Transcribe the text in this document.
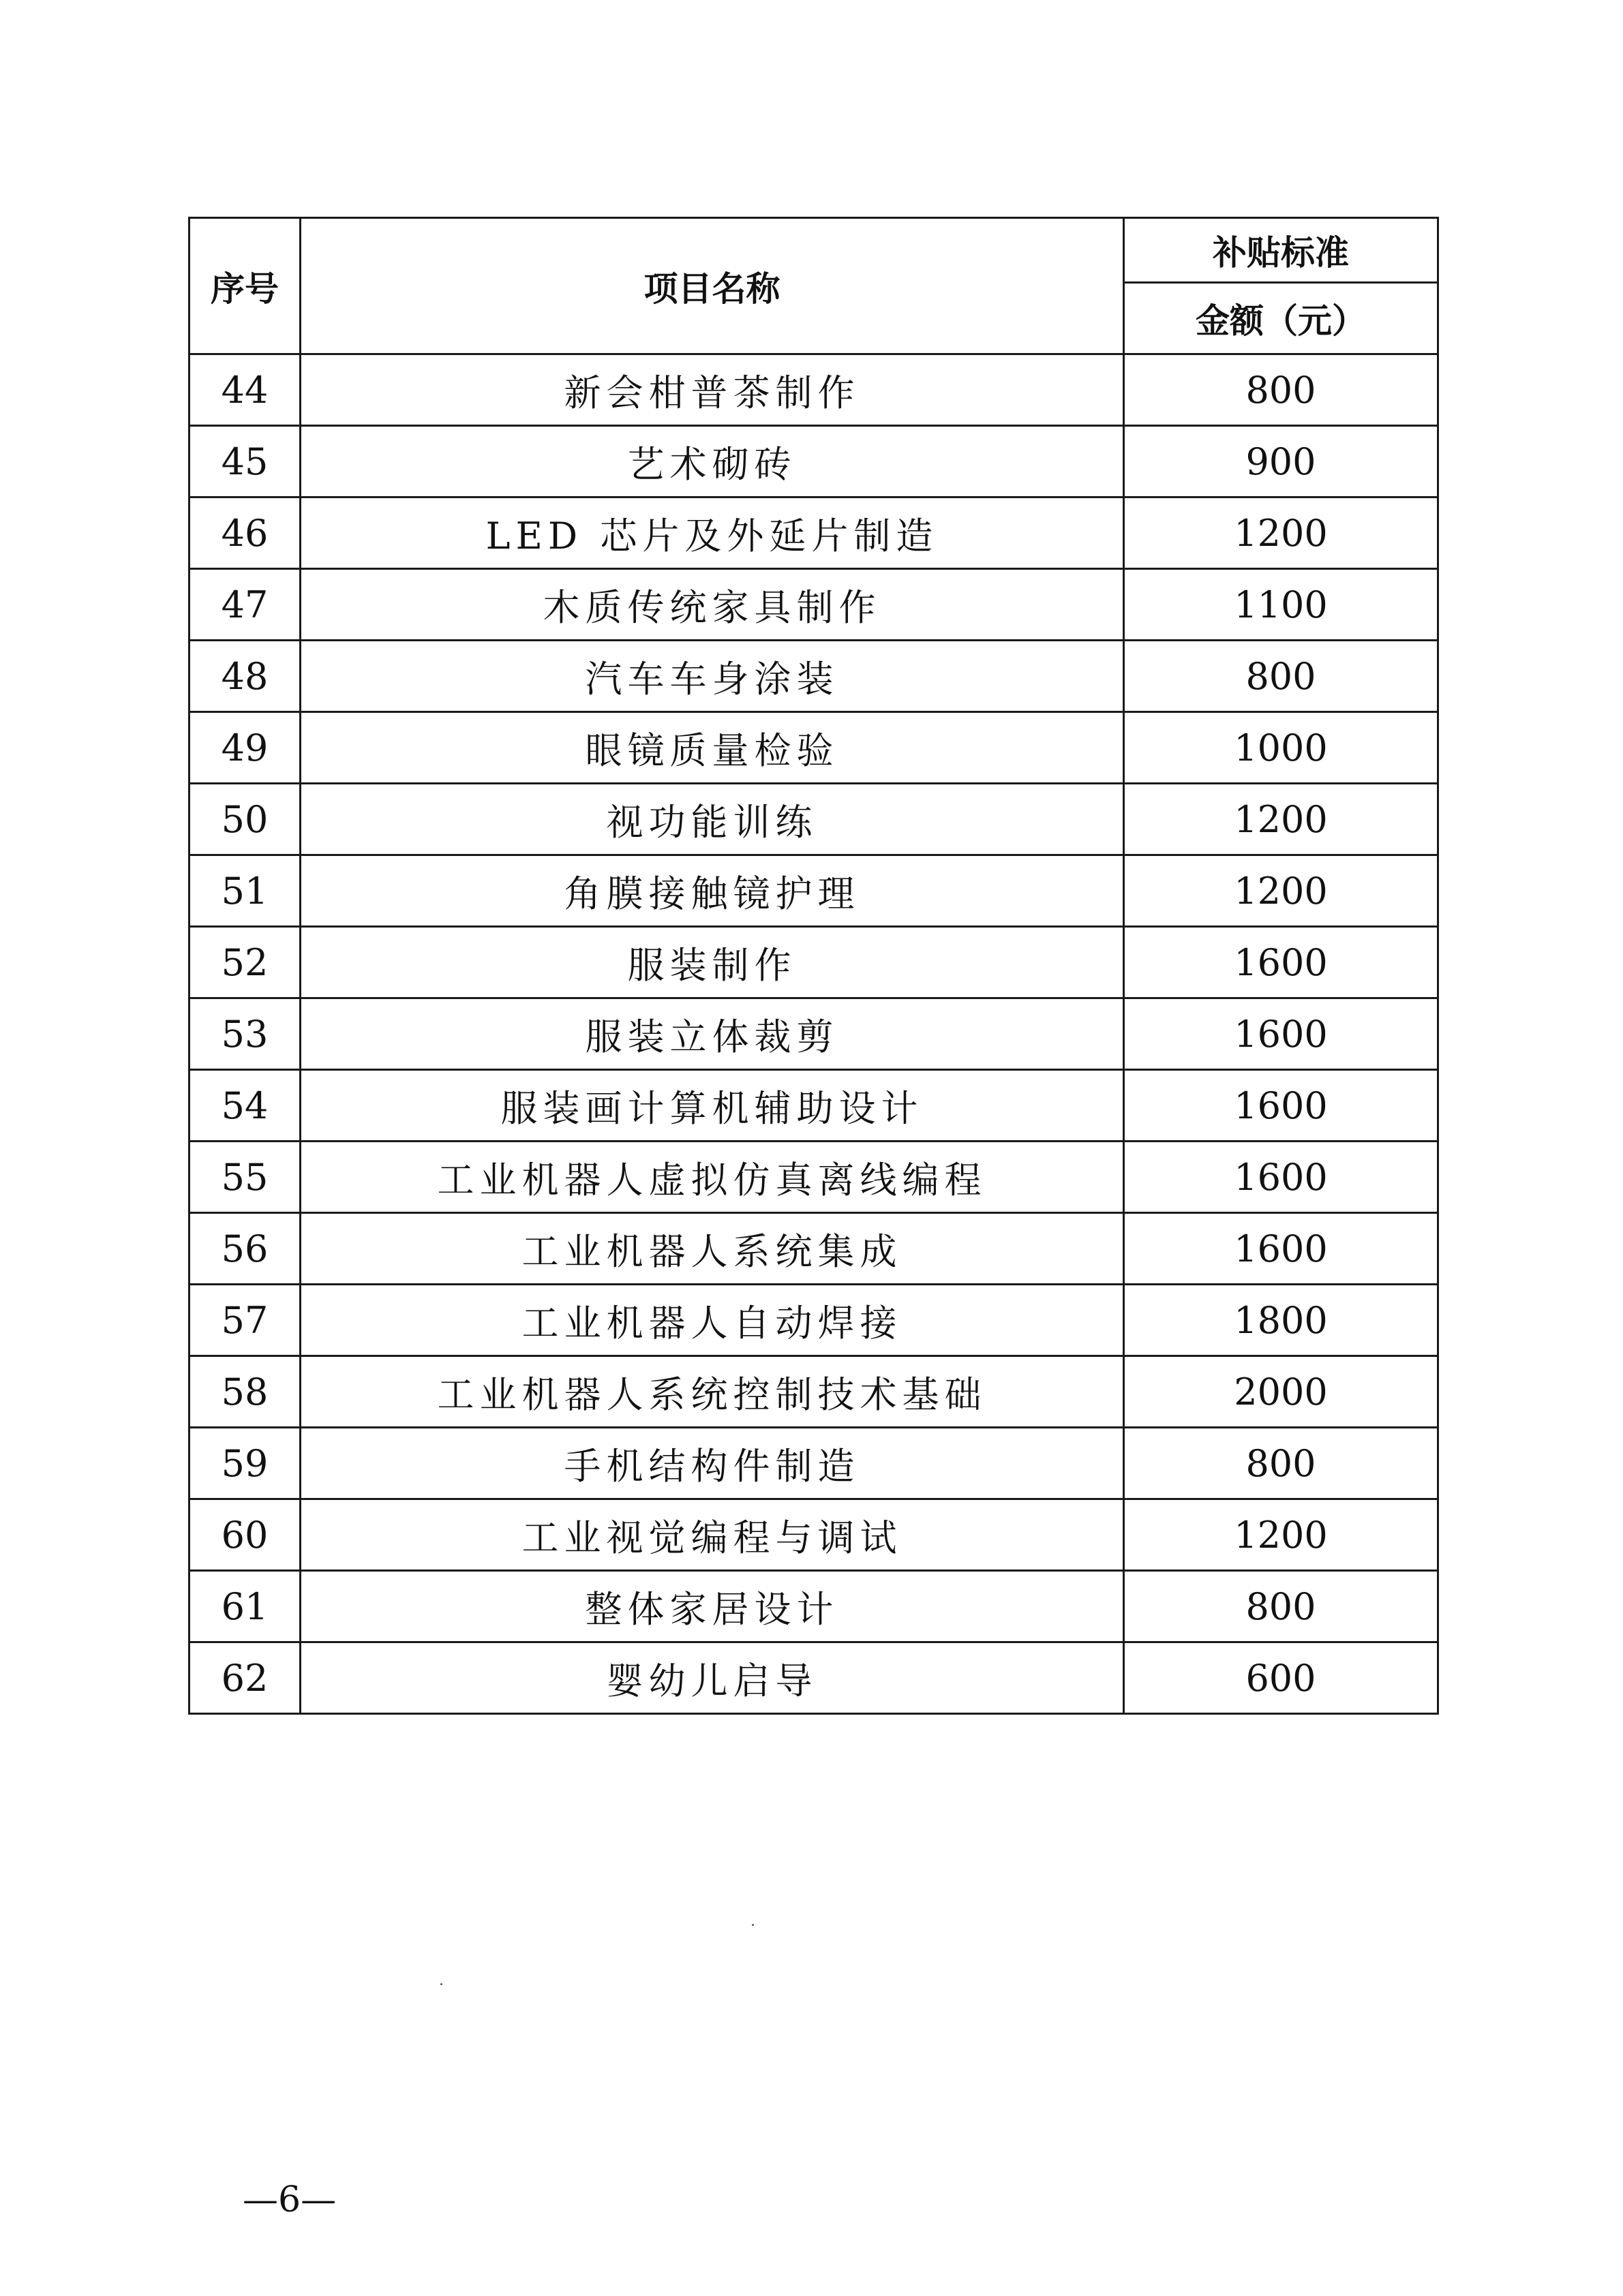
序号	项目名称	补贴标准
		金额（元）
44	新会柑普茶制作	800
45	艺术砌砖	900
46	LED 芯片及外延片制造	1200
47	木质传统家具制作	1100
48	汽车车身涂装	800
49	眼镜质量检验	1000
50	视功能训练	1200
51	角膜接触镜护理	1200
52	服装制作	1600
53	服装立体裁剪	1600
54	服装画计算机辅助设计	1600
55	工业机器人虚拟仿真离线编程	1600
56	工业机器人系统集成	1600
57	工业机器人自动焊接	1800
58	工业机器人系统控制技术基础	2000
59	手机结构件制造	800
60	工业视觉编程与调试	1200
61	整体家居设计	800
62	婴幼儿启导	600
—6—
